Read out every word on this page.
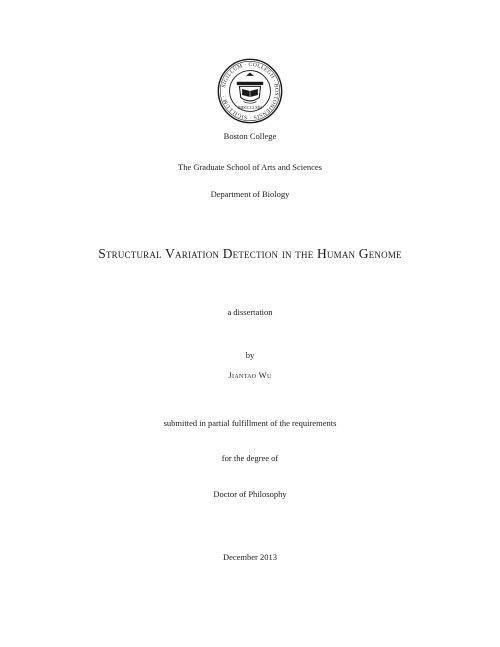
SIGILLUM · COLLEGII · BOSTONIENSIS · SIGILLUM ·
MDCCCLXIII
Boston College
The Graduate School of Arts and Sciences
Department of Biology
Structural Variation Detection in the Human Genome
a dissertation
by
Jiantao Wu
submitted in partial fulfillment of the requirements
for the degree of
Doctor of Philosophy
December 2013
